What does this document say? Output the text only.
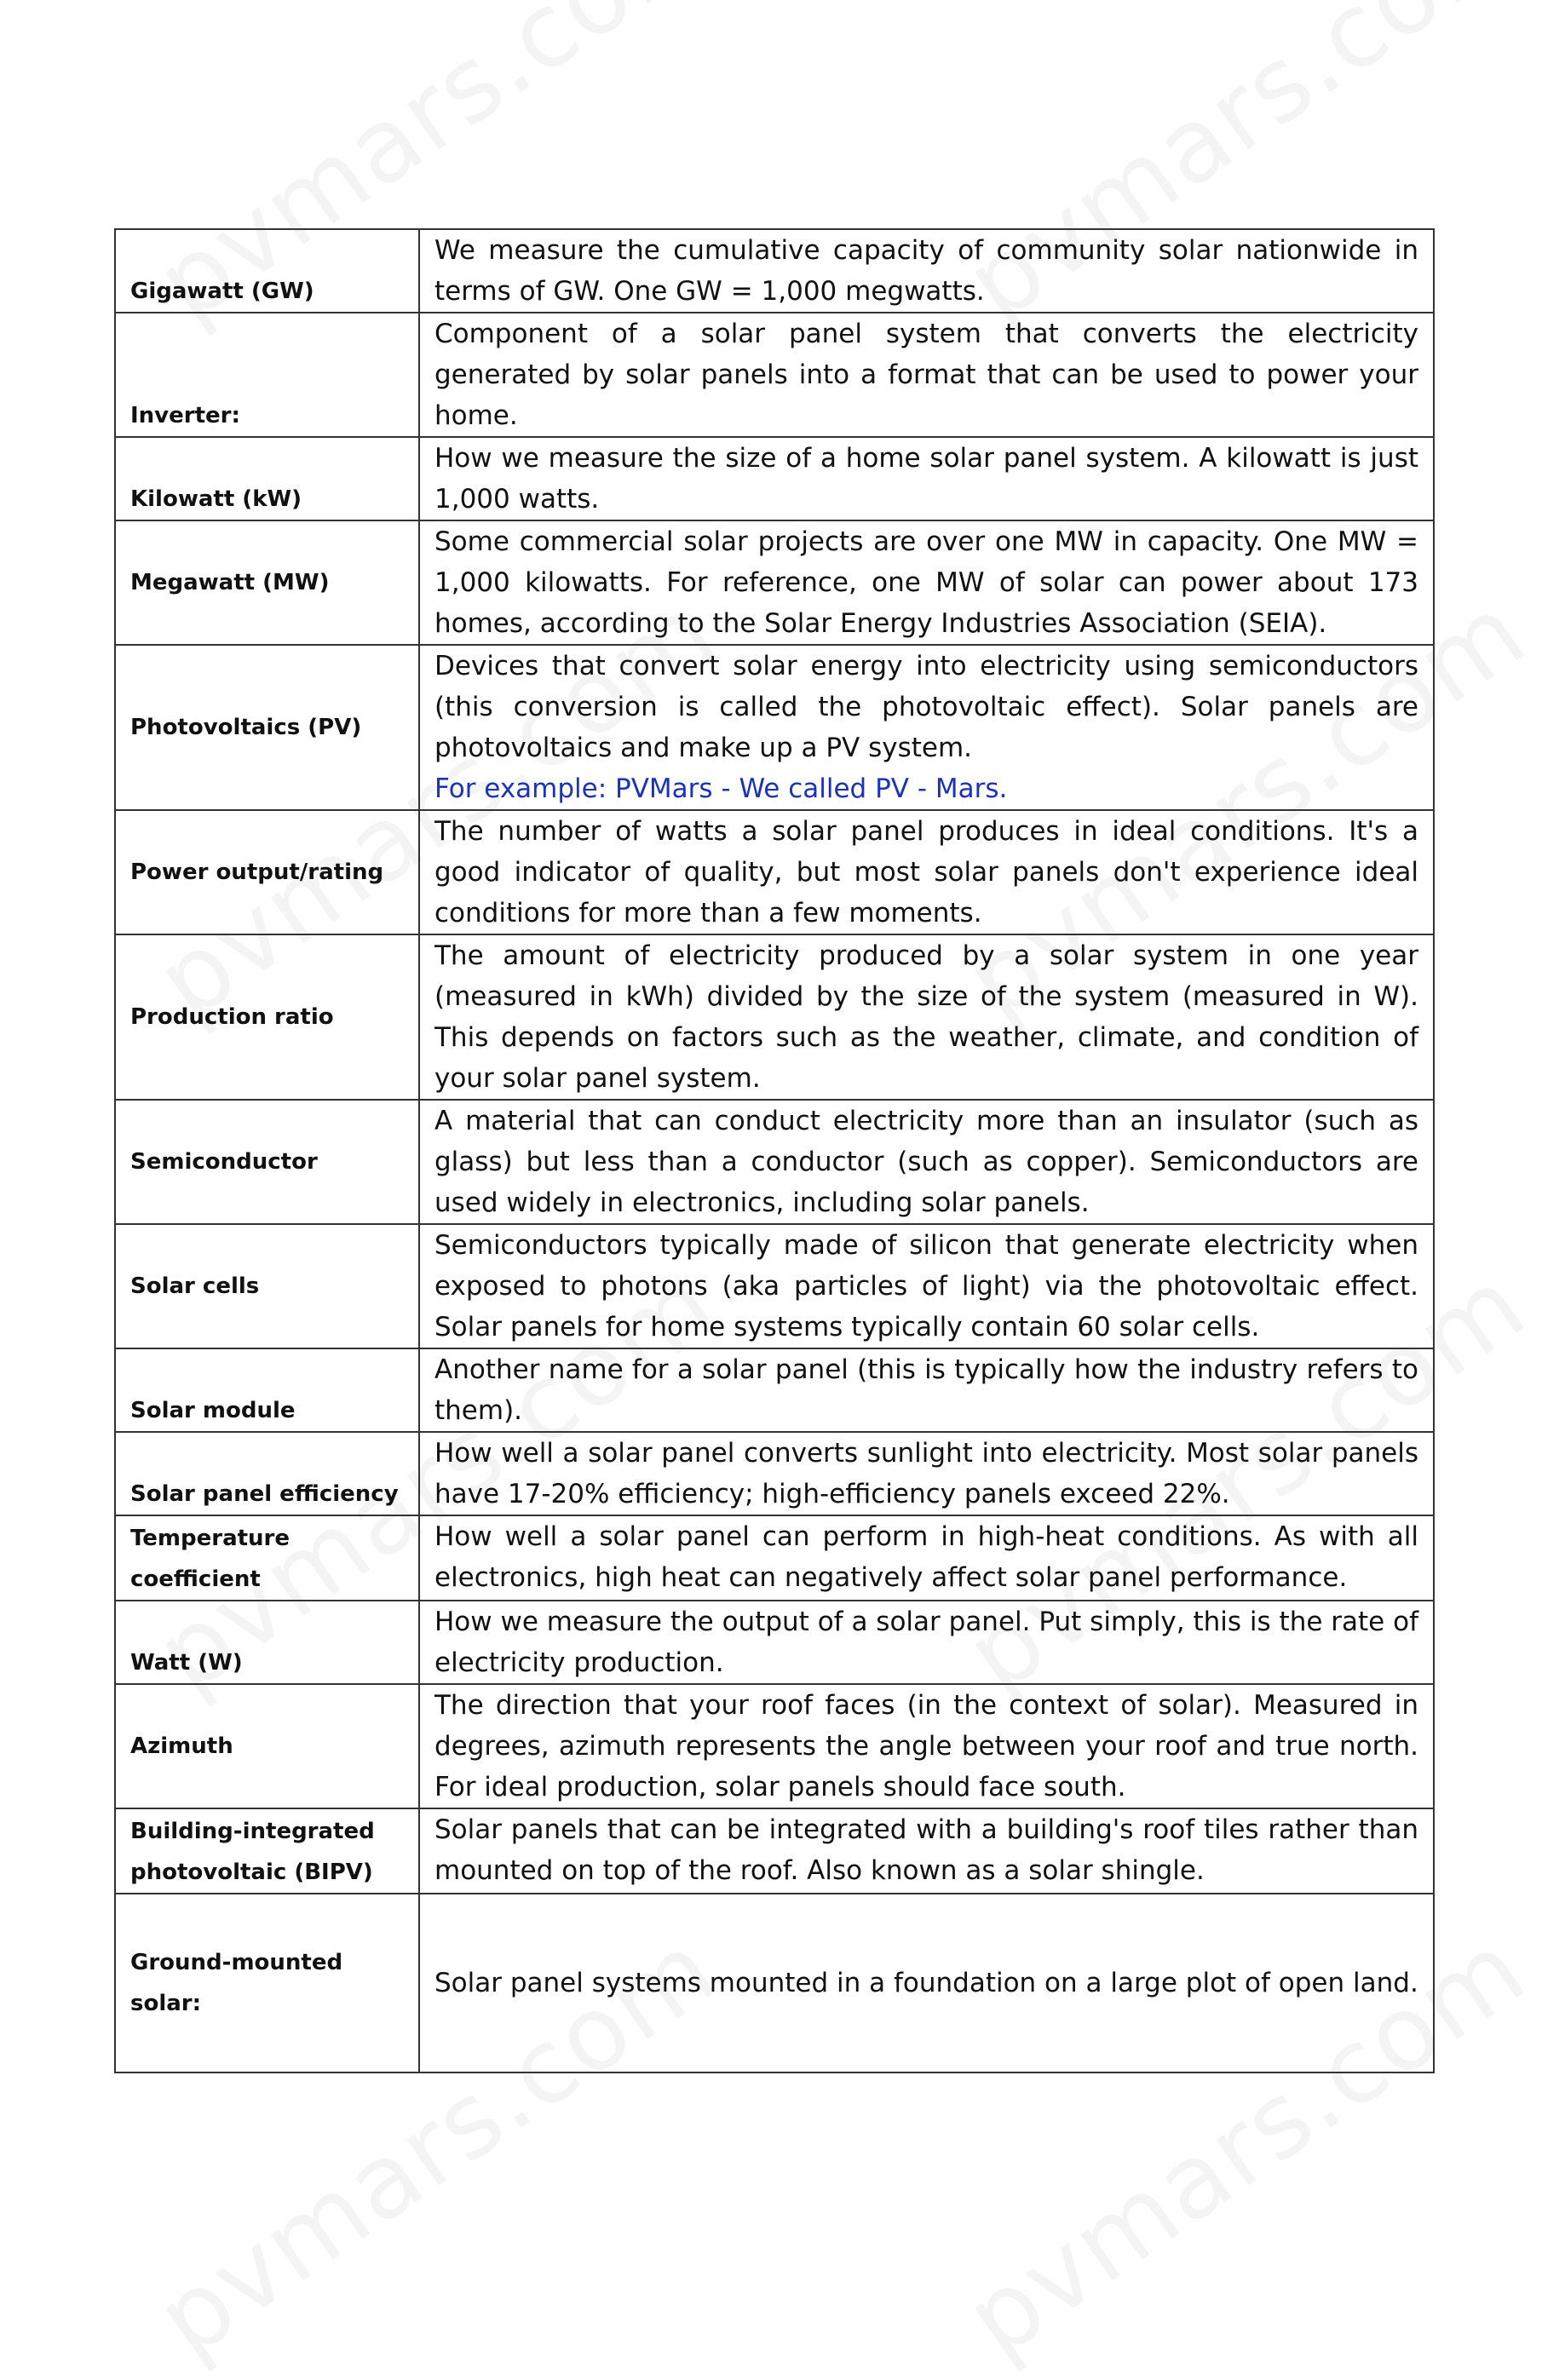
Gigawatt (GW)	We measure the cumulative capacity of community solar nationwide in terms of GW. One GW = 1,000 megwatts.
Inverter:	Component of a solar panel system that converts the electricity generated by solar panels into a format that can be used to power your home.
Kilowatt (kW)	How we measure the size of a home solar panel system. A kilowatt is just 1,000 watts.
Megawatt (MW)	Some commercial solar projects are over one MW in capacity. One MW = 1,000 kilowatts. For reference, one MW of solar can power about 173 homes, according to the Solar Energy Industries Association (SEIA).
Photovoltaics (PV)	Devices that convert solar energy into electricity using semiconductors (this conversion is called the photovoltaic effect). Solar panels are photovoltaics and make up a PV system.
For example: PVMars - We called PV - Mars.

Power output/rating	The number of watts a solar panel produces in ideal conditions. It's a good indicator of quality, but most solar panels don't experience ideal conditions for more than a few moments.
Production ratio	The amount of electricity produced by a solar system in one year (measured in kWh) divided by the size of the system (measured in W). This depends on factors such as the weather, climate, and condition of your solar panel system.
Semiconductor	A material that can conduct electricity more than an insulator (such as glass) but less than a conductor (such as copper). Semiconductors are used widely in electronics, including solar panels.
Solar cells	Semiconductors typically made of silicon that generate electricity when exposed to photons (aka particles of light) via the photovoltaic effect. Solar panels for home systems typically contain 60 solar cells.
Solar module	Another name for a solar panel (this is typically how the industry refers to them).
Solar panel efficiency	How well a solar panel converts sunlight into electricity. Most solar panels have 17-20% efficiency; high-efficiency panels exceed 22%.
Temperature coefficient	How well a solar panel can perform in high-heat conditions. As with all electronics, high heat can negatively affect solar panel performance.
Watt (W)	How we measure the output of a solar panel. Put simply, this is the rate of electricity production.
Azimuth	The direction that your roof faces (in the context of solar). Measured in degrees, azimuth represents the angle between your roof and true north. For ideal production, solar panels should face south.
Building-integrated photovoltaic (BIPV)	Solar panels that can be integrated with a building's roof tiles rather than mounted on top of the roof. Also known as a solar shingle.
Ground-mounted solar:	Solar panel systems mounted in a foundation on a large plot of open land.
